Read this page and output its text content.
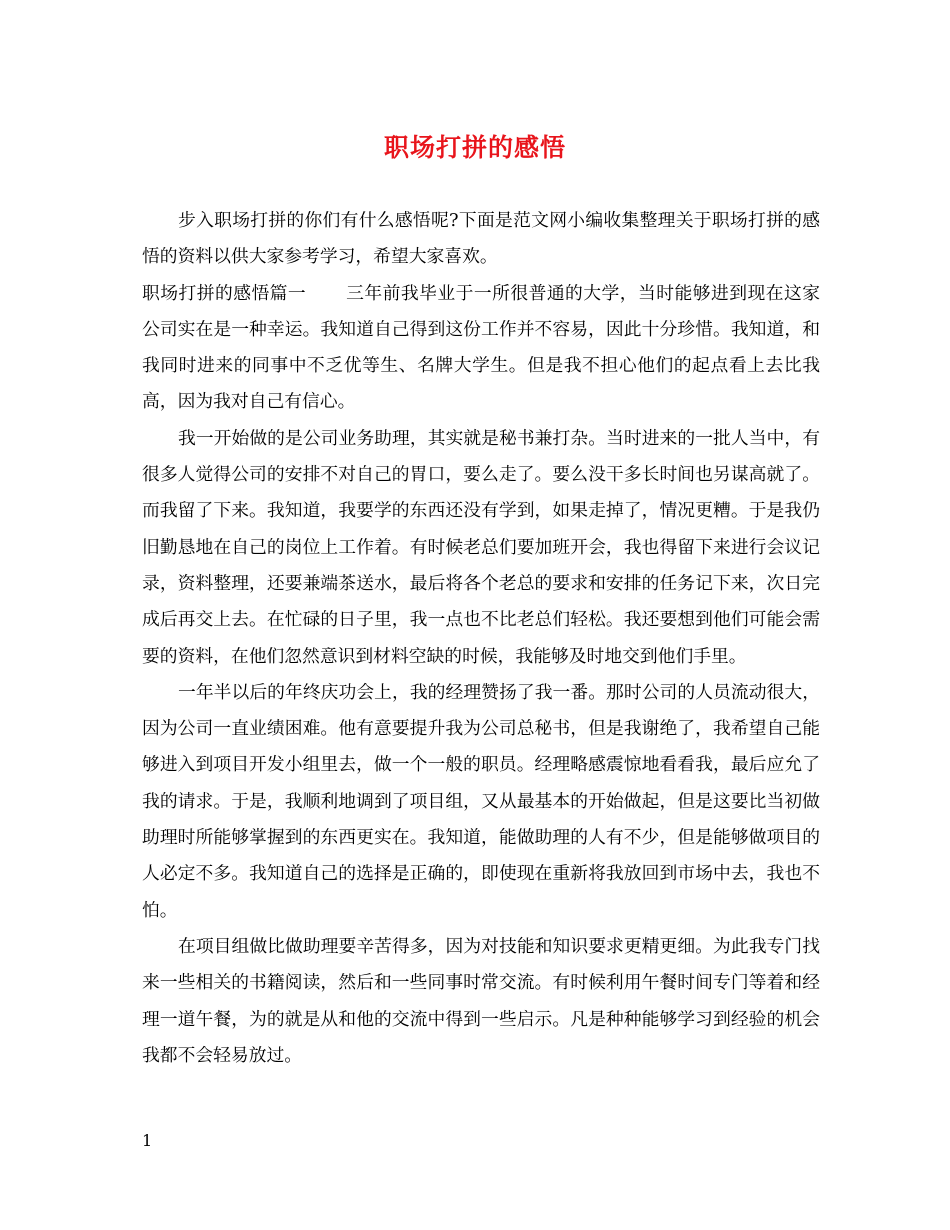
职场打拼的感悟

步入职场打拼的你们有什么感悟呢?下面是范文网小编收集整理关于职场打拼的感悟的资料以供大家参考学习，希望大家喜欢。

职场打拼的感悟篇一 三年前我毕业于一所很普通的大学，当时能够进到现在这家公司实在是一种幸运。我知道自己得到这份工作并不容易，因此十分珍惜。我知道，和我同时进来的同事中不乏优等生、名牌大学生。但是我不担心他们的起点看上去比我高，因为我对自己有信心。

我一开始做的是公司业务助理，其实就是秘书兼打杂。当时进来的一批人当中，有很多人觉得公司的安排不对自己的胃口，要么走了。要么没干多长时间也另谋高就了。而我留了下来。我知道，我要学的东西还没有学到，如果走掉了，情况更糟。于是我仍旧勤恳地在自己的岗位上工作着。有时候老总们要加班开会，我也得留下来进行会议记录，资料整理，还要兼端茶送水，最后将各个老总的要求和安排的任务记下来，次日完成后再交上去。在忙碌的日子里，我一点也不比老总们轻松。我还要想到他们可能会需要的资料，在他们忽然意识到材料空缺的时候，我能够及时地交到他们手里。

一年半以后的年终庆功会上，我的经理赞扬了我一番。那时公司的人员流动很大，因为公司一直业绩困难。他有意要提升我为公司总秘书，但是我谢绝了，我希望自己能够进入到项目开发小组里去，做一个一般的职员。经理略感震惊地看看我，最后应允了我的请求。于是，我顺利地调到了项目组，又从最基本的开始做起，但是这要比当初做助理时所能够掌握到的东西更实在。我知道，能做助理的人有不少，但是能够做项目的人必定不多。我知道自己的选择是正确的，即使现在重新将我放回到市场中去，我也不怕。

在项目组做比做助理要辛苦得多，因为对技能和知识要求更精更细。为此我专门找来一些相关的书籍阅读，然后和一些同事时常交流。有时候利用午餐时间专门等着和经理一道午餐，为的就是从和他的交流中得到一些启示。凡是种种能够学习到经验的机会我都不会轻易放过。

1
